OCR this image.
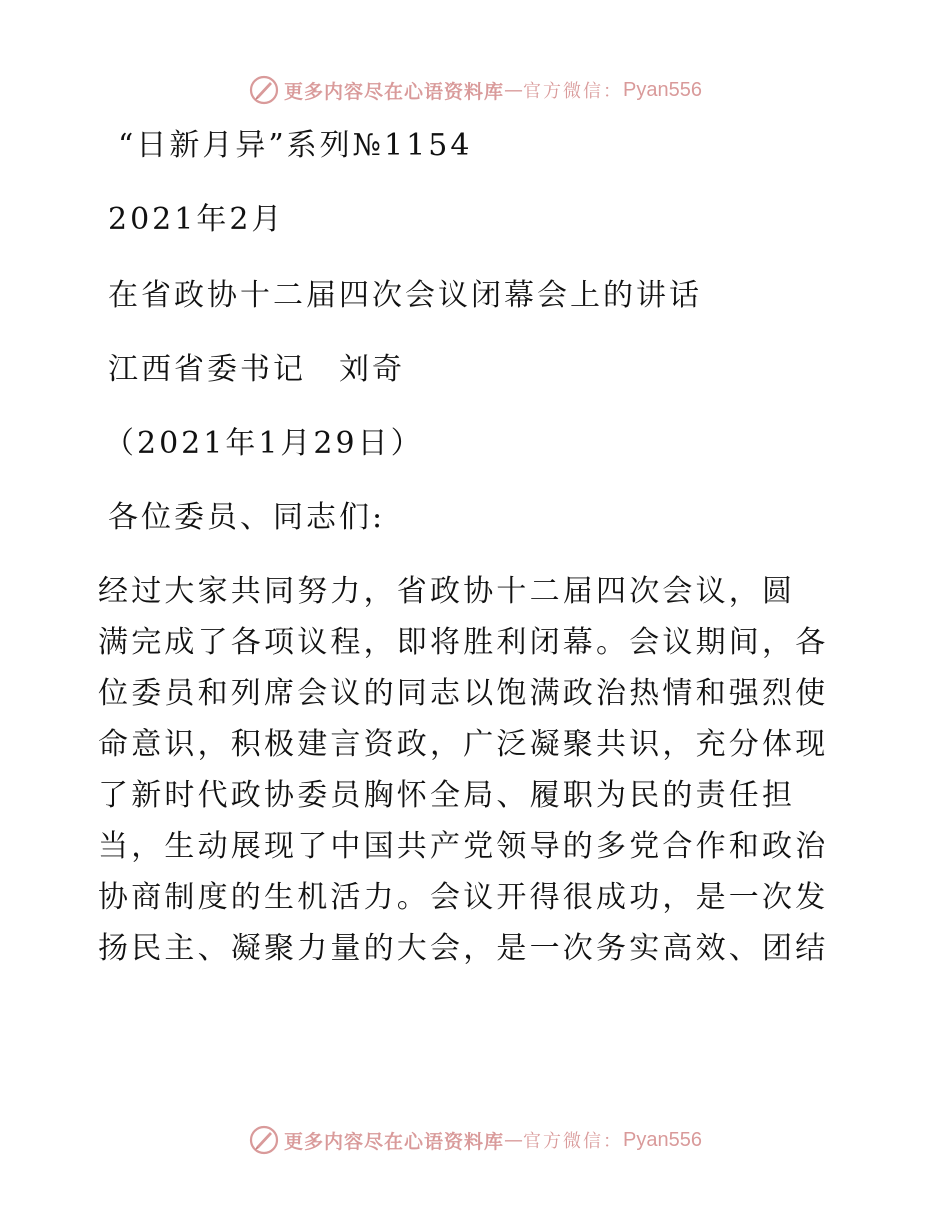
更多内容尽在心语资料库 — 官方微信： Pyan556
“日新月异”系列№1154
2021年2月
在省政协十二届四次会议闭幕会上的讲话
江西省委书记　刘奇
（2021年1月29日）
各位委员、同志们:
经过大家共同努力，省政协十二届四次会议，圆
满完成了各项议程，即将胜利闭幕。会议期间，各
位委员和列席会议的同志以饱满政治热情和强烈使
命意识，积极建言资政，广泛凝聚共识，充分体现
了新时代政协委员胸怀全局、履职为民的责任担
当，生动展现了中国共产党领导的多党合作和政治
协商制度的生机活力。会议开得很成功，是一次发
扬民主、凝聚力量的大会，是一次务实高效、团结
更多内容尽在心语资料库 — 官方微信： Pyan556
